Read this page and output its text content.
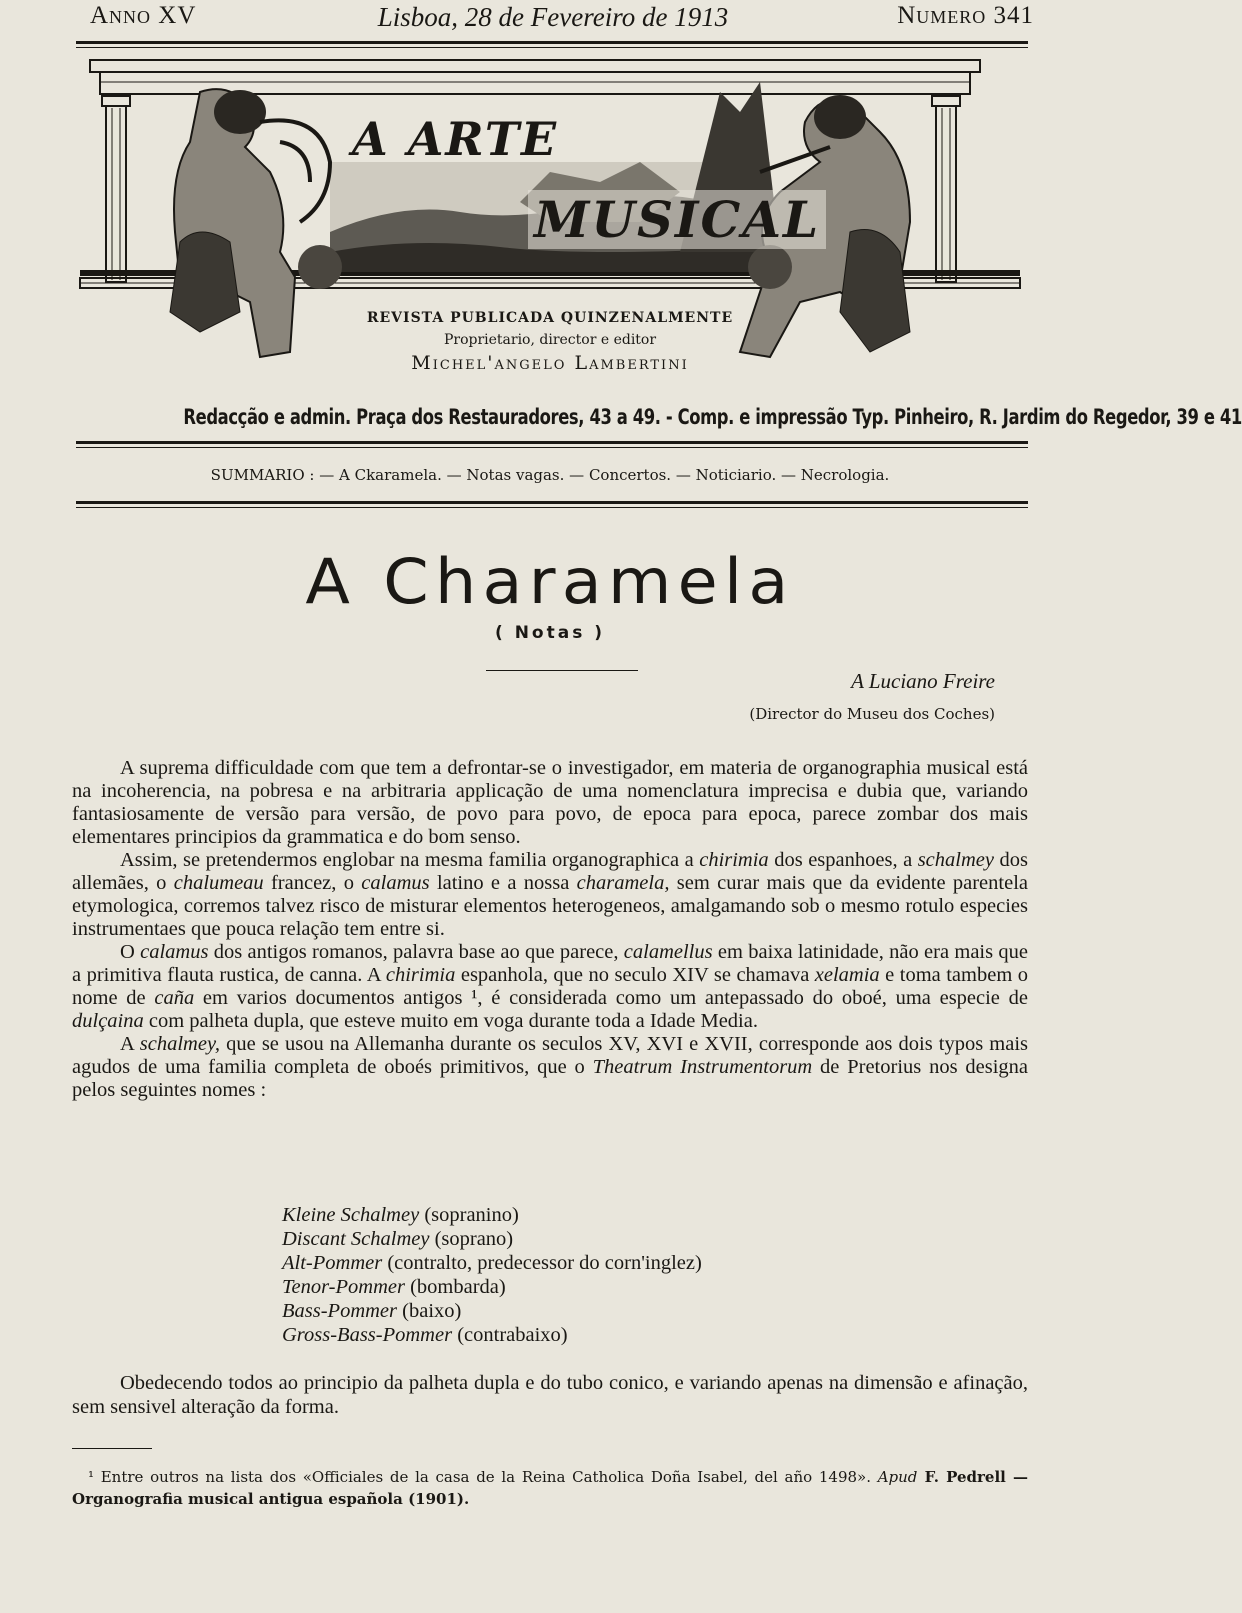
Anno XV	Lisboa, 28 de Fevereiro de 1913	Numero 341
A ARTE
MUSICAL
REVISTA PUBLICADA QUINZENALMENTE
Proprietario, director e editor
Michel'angelo Lambertini
Redacção e admin. Praça dos Restauradores, 43 a 49. - Comp. e impressão Typ. Pinheiro, R. Jardim do Regedor, 39 e 41
SUMMARIO : — A Ckaramela. — Notas vagas. — Concertos. — Noticiario. — Necrologia.
A Charamela
( Notas )
A Luciano Freire
(Director do Museu dos Coches)

A suprema difficuldade com que tem a defrontar-se o investigador, em materia de organographia musical está na incoherencia, na pobresa e na arbitraria applicação de uma nomenclatura imprecisa e dubia que, variando fantasiosamente de versão para versão, de povo para povo, de epoca para epoca, parece zombar dos mais elementares principios da grammatica e do bom senso.

Assim, se pretendermos englobar na mesma familia organographica a chirimia dos espanhoes, a schalmey dos allemães, o chalumeau francez, o calamus latino e a nossa charamela, sem curar mais que da evidente parentela etymologica, corremos talvez risco de misturar elementos heterogeneos, amalgamando sob o mesmo rotulo especies instrumentaes que pouca relação tem entre si.

O calamus dos antigos romanos, palavra base ao que parece, calamellus em baixa latinidade, não era mais que a primitiva flauta rustica, de canna. A chirimia espanhola, que no seculo XIV se chamava xelamia e toma tambem o nome de caña em varios documentos antigos ¹, é considerada como um antepassado do oboé, uma especie de dulçaina com palheta dupla, que esteve muito em voga durante toda a Idade Media.

A schalmey, que se usou na Allemanha durante os seculos XV, XVI e XVII, corresponde aos dois typos mais agudos de uma familia completa de oboés primitivos, que o Theatrum Instrumentorum de Pretorius nos designa pelos seguintes nomes :

Kleine Schalmey (sopranino)
Discant Schalmey (soprano)
Alt-Pommer (contralto, predecessor do corn'inglez)
Tenor-Pommer (bombarda)
Bass-Pommer (baixo)
Gross-Bass-Pommer (contrabaixo)

Obedecendo todos ao principio da palheta dupla e do tubo conico, e variando apenas na dimensão e afinação, sem sensivel alteração da forma.

¹ Entre outros na lista dos «Officiales de la casa de la Reina Catholica Doña Isabel, del año 1498». Apud F. Pedrell — Organografia musical antigua española (1901).
